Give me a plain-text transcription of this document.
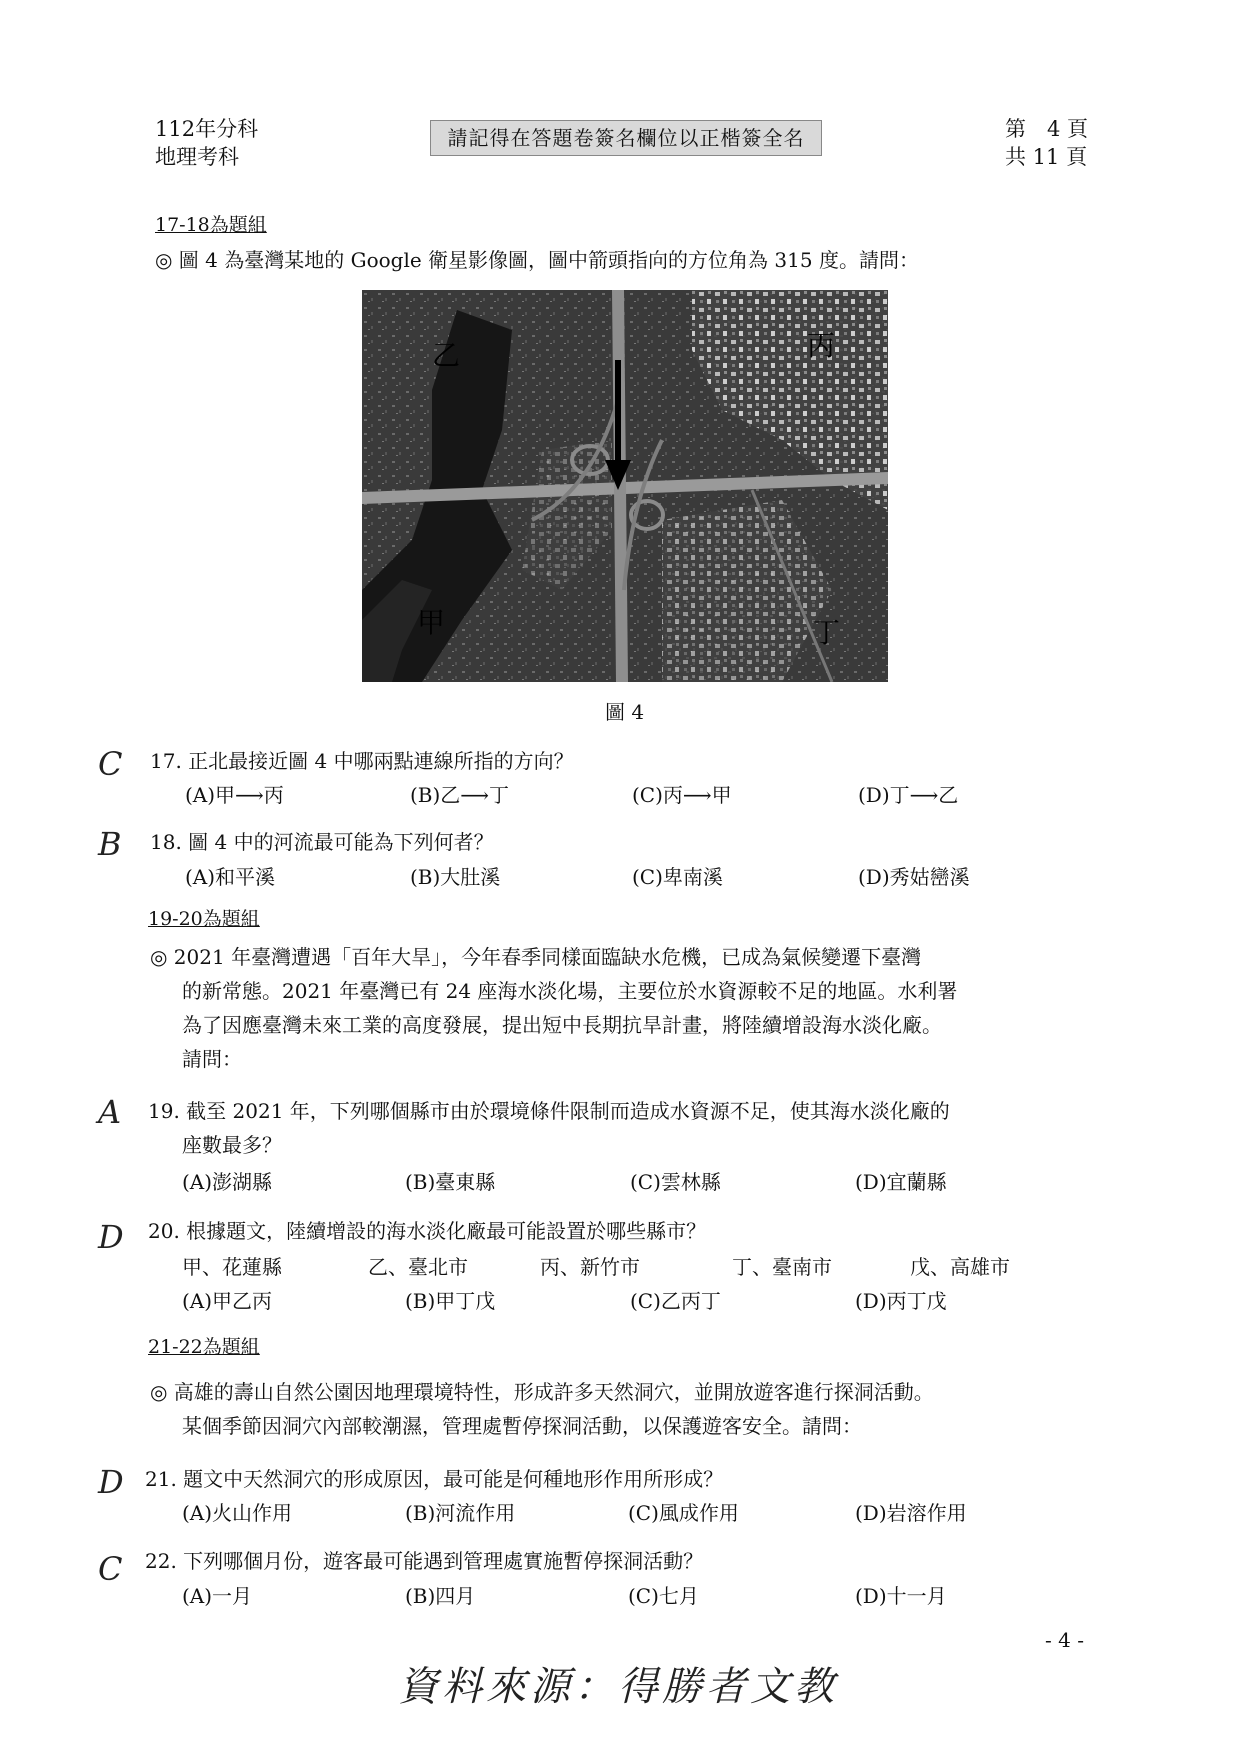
112年分科
地理考科
請記得在答題卷簽名欄位以正楷簽全名	第　4 頁
共 11 頁
17-18為題組
◎ 圖 4 為臺灣某地的 Google 衛星影像圖，圖中箭頭指向的方位角為 315 度。請問：
乙	丙
甲	丁
圖 4
C 17. 正北最接近圖 4 中哪兩點連線所指的方向？
(A)甲⟶丙	(B)乙⟶丁	(C)丙⟶甲	(D)丁⟶乙
B 18. 圖 4 中的河流最可能為下列何者？
(A)和平溪	(B)大肚溪	(C)卑南溪	(D)秀姑巒溪
19-20為題組
◎ 2021 年臺灣遭遇「百年大旱」，今年春季同樣面臨缺水危機，已成為氣候變遷下臺灣
的新常態。2021 年臺灣已有 24 座海水淡化場，主要位於水資源較不足的地區。水利署
為了因應臺灣未來工業的高度發展，提出短中長期抗旱計畫，將陸續增設海水淡化廠。
請問：
A 19. 截至 2021 年，下列哪個縣市由於環境條件限制而造成水資源不足，使其海水淡化廠的
座數最多？
(A)澎湖縣	(B)臺東縣	(C)雲林縣	(D)宜蘭縣
D 20. 根據題文，陸續增設的海水淡化廠最可能設置於哪些縣市？
甲、花蓮縣	乙、臺北市	丙、新竹市	丁、臺南市	戊、高雄市
(A)甲乙丙	(B)甲丁戊	(C)乙丙丁	(D)丙丁戊
21-22為題組
◎ 高雄的壽山自然公園因地理環境特性，形成許多天然洞穴，並開放遊客進行探洞活動。
某個季節因洞穴內部較潮濕，管理處暫停探洞活動，以保護遊客安全。請問：
D 21. 題文中天然洞穴的形成原因，最可能是何種地形作用所形成？
(A)火山作用	(B)河流作用	(C)風成作用	(D)岩溶作用
C 22. 下列哪個月份，遊客最可能遇到管理處實施暫停探洞活動？
(A)一月	(B)四月	(C)七月	(D)十一月
- 4 -
資料來源：得勝者文教
